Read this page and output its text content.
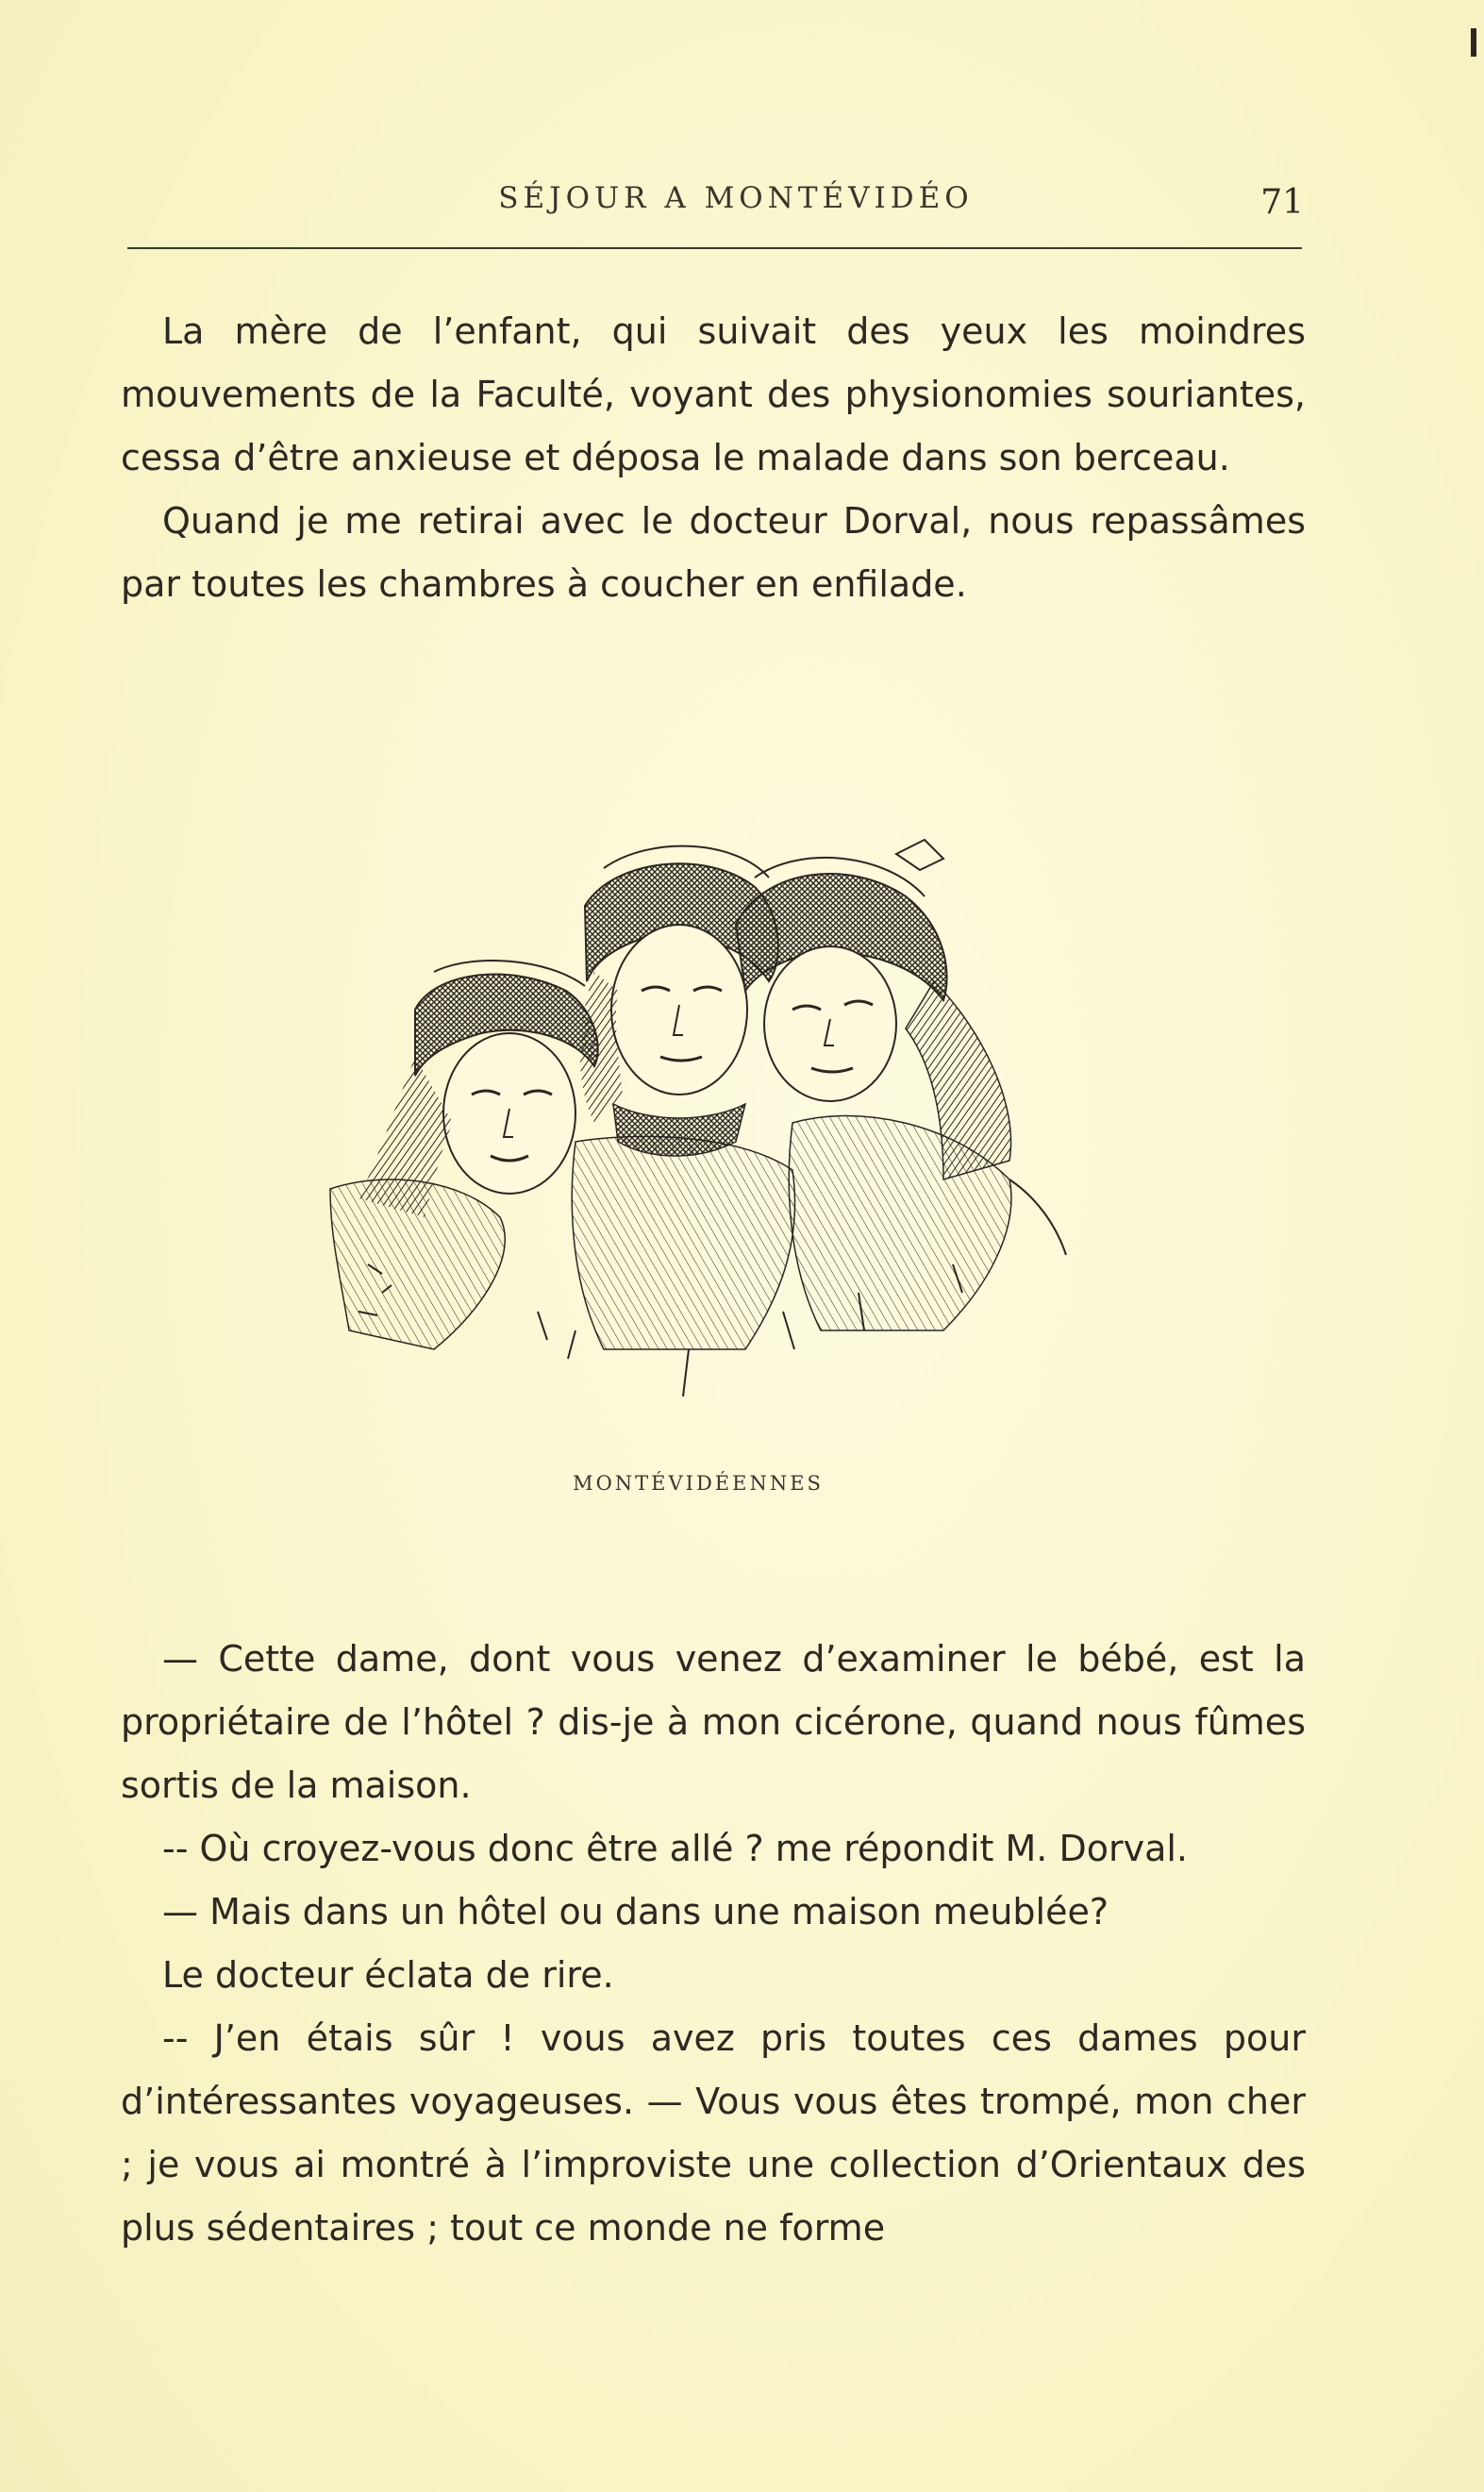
SÉJOUR A MONTÉVIDÉO	71

La mère de l’enfant, qui suivait des yeux les moindres mouvements de la Faculté, voyant des physionomies souriantes, cessa d’être anxieuse et déposa le malade dans son berceau.

Quand je me retirai avec le docteur Dorval, nous repassâmes par toutes les chambres à coucher en enfilade.

MONTÉVIDÉENNES

— Cette dame, dont vous venez d’examiner le bébé, est la propriétaire de l’hôtel ? dis-je à mon cicérone, quand nous fûmes sortis de la maison.

-- Où croyez-vous donc être allé ? me répondit M. Dorval.

— Mais dans un hôtel ou dans une maison meublée?

Le docteur éclata de rire.

-- J’en étais sûr ! vous avez pris toutes ces dames pour d’intéressantes voyageuses. — Vous vous êtes trompé, mon cher ; je vous ai montré à l’improviste une collection d’Orientaux des plus sédentaires ; tout ce monde ne forme
